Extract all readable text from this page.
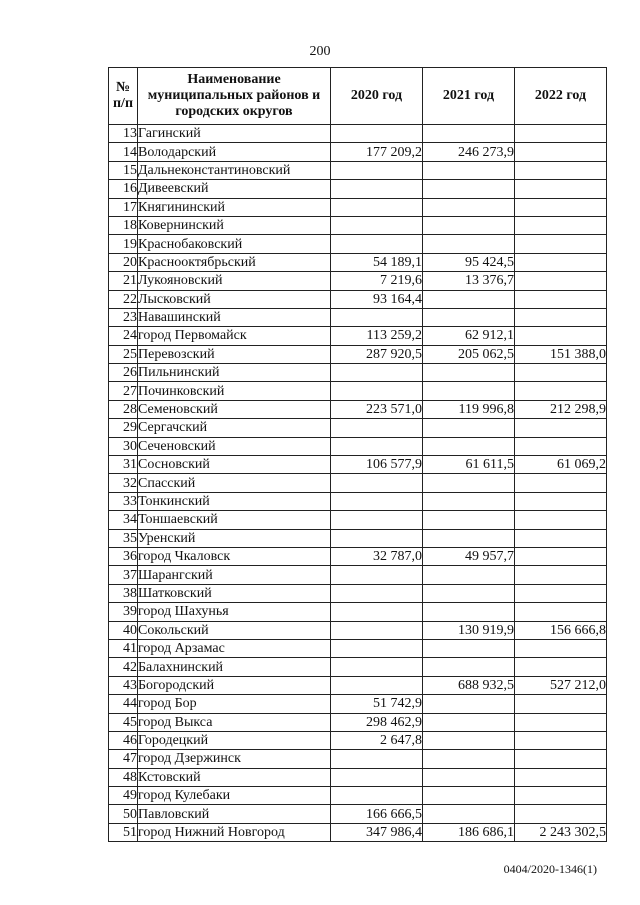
200
№ п/п	Наименование муниципальных районов и городских округов	2020 год	2021 год	2022 год
13	Гагинский			
14	Володарский	177 209,2	246 273,9	
15	Дальнеконстантиновский			
16	Дивеевский			
17	Княгининский			
18	Ковернинский			
19	Краснобаковский			
20	Краснооктябрьский	54 189,1	95 424,5	
21	Лукояновский	7 219,6	13 376,7	
22	Лысковский	93 164,4		
23	Навашинский			
24	город Первомайск	113 259,2	62 912,1	
25	Перевозский	287 920,5	205 062,5	151 388,0
26	Пильнинский			
27	Починковский			
28	Семеновский	223 571,0	119 996,8	212 298,9
29	Сергачский			
30	Сеченовский			
31	Сосновский	106 577,9	61 611,5	61 069,2
32	Спасский			
33	Тонкинский			
34	Тоншаевский			
35	Уренский			
36	город Чкаловск	32 787,0	49 957,7	
37	Шарангский			
38	Шатковский			
39	город Шахунья			
40	Сокольский		130 919,9	156 666,8
41	город Арзамас			
42	Балахнинский			
43	Богородский		688 932,5	527 212,0
44	город Бор	51 742,9		
45	город Выкса	298 462,9		
46	Городецкий	2 647,8		
47	город Дзержинск			
48	Кстовский			
49	город Кулебаки			
50	Павловский	166 666,5		
51	город Нижний Новгород	347 986,4	186 686,1	2 243 302,5
0404/2020-1346(1)
